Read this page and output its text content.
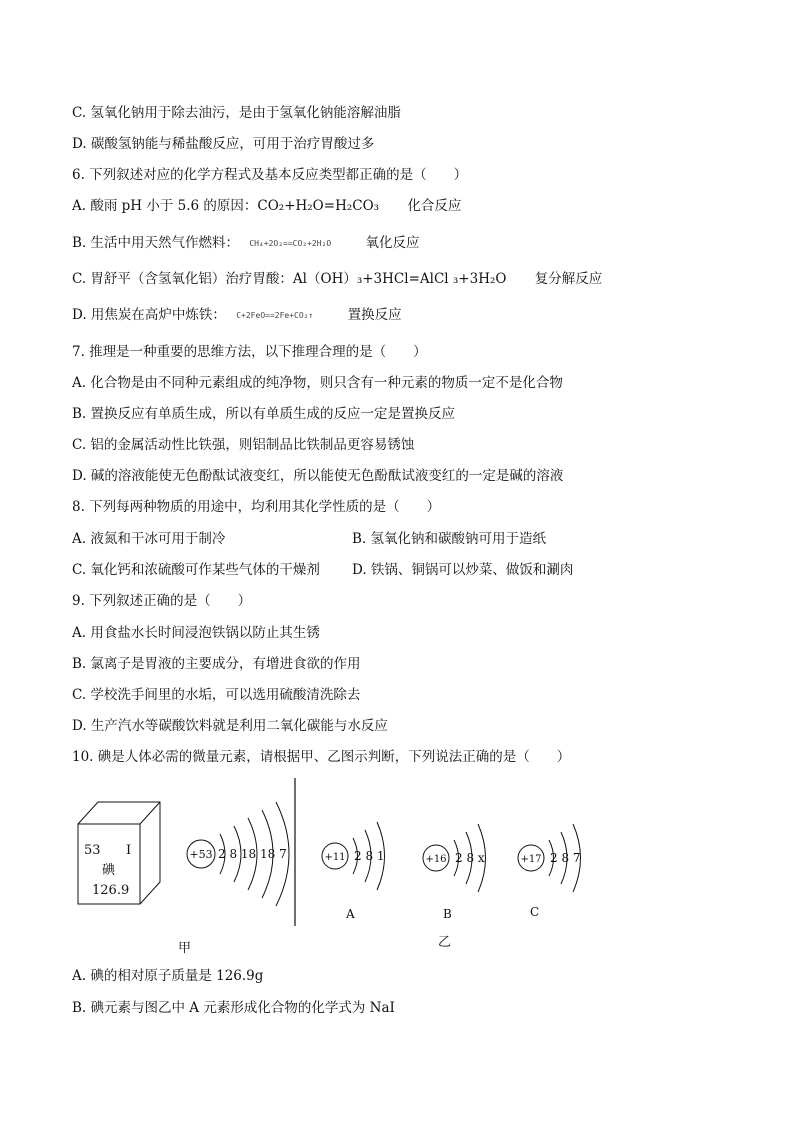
C. 氢氧化钠用于除去油污，是由于氢氧化钠能溶解油脂
D. 碳酸氢钠能与稀盐酸反应，可用于治疗胃酸过多
6. 下列叙述对应的化学方程式及基本反应类型都正确的是（　　）
A. 酸雨 pH 小于 5.6 的原因：CO₂+H₂O=H₂CO₃ 化合反应
B. 生活中用天然气作燃料： CH₄+2O₂==CO₂+2H₂O	氧化反应
C. 胃舒平（含氢氧化铝）治疗胃酸：Al（OH）₃+3HCl=AlCl ₃+3H₂O 复分解反应
D. 用焦炭在高炉中炼铁： C+2FeO==2Fe+CO₂↑	置换反应
7. 推理是一种重要的思维方法，以下推理合理的是（　　）
A. 化合物是由不同种元素组成的纯净物，则只含有一种元素的物质一定不是化合物
B. 置换反应有单质生成，所以有单质生成的反应一定是置换反应
C. 铝的金属活动性比铁强，则铝制品比铁制品更容易锈蚀
D. 碱的溶液能使无色酚酞试液变红，所以能使无色酚酞试液变红的一定是碱的溶液
8. 下列每两种物质的用途中，均利用其化学性质的是（　　）
A. 液氮和干冰可用于制冷	B. 氢氧化钠和碳酸钠可用于造纸
C. 氧化钙和浓硫酸可作某些气体的干燥剂 D. 铁锅、铜锅可以炒菜、做饭和涮肉
9. 下列叙述正确的是（　　）
A. 用食盐水长时间浸泡铁锅以防止其生锈
B. 氯离子是胃液的主要成分，有增进食欲的作用
C. 学校洗手间里的水垢，可以选用硫酸清洗除去
D. 生产汽水等碳酸饮料就是利用二氧化碳能与水反应
10. 碘是人体必需的微量元素，请根据甲、乙图示判断，下列说法正确的是（　　）
53 I
碘
126.9
+53 2 8 18 18 7
甲
+11 2 8 1
A
+16 2 8 x
B
乙
+17 2 8 7
C
A. 碘的相对原子质量是 126.9g
B. 碘元素与图乙中 A 元素形成化合物的化学式为 NaI
